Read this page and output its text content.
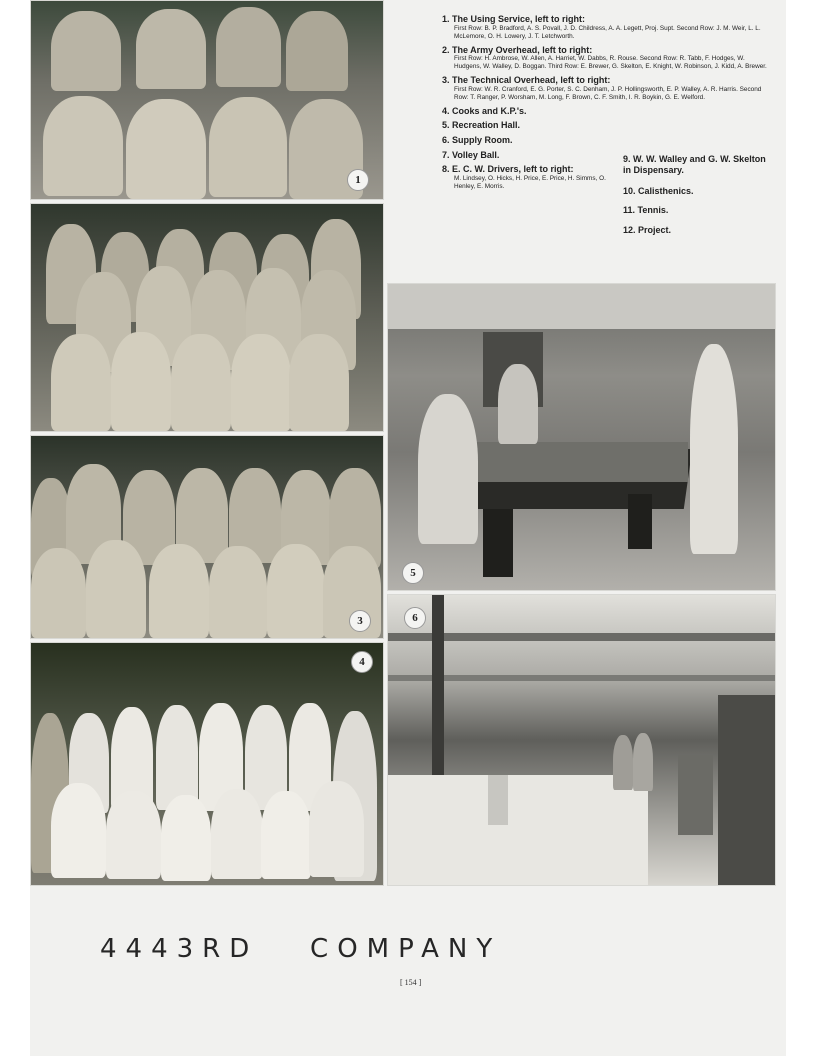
1
3
4
5
6
1. The Using Service, left to right:
First Row: B. P. Bradford, A. S. Povall, J. D. Childress, A. A. Legett, Proj. Supt. Second Row: J. M. Weir, L. L. McLemore, O. H. Lowery, J. T. Letchworth.
2. The Army Overhead, left to right:
First Row: H. Ambrose, W. Allen, A. Harriet, W. Dabbs, R. Rouse. Second Row: R. Tabb, F. Hodges, W. Hudgens, W. Walley, D. Boggan. Third Row: E. Brewer, G. Skelton, E. Knight, W. Robinson, J. Kidd, A. Brewer.
3. The Technical Overhead, left to right:
First Row: W. R. Cranford, E. G. Porter, S. C. Denham, J. P. Hollingsworth, E. P. Walley, A. R. Harris. Second Row: T. Ranger, P. Worsham, M. Long, F. Brown, C. F. Smith, I. R. Boykin, G. E. Welford.
4. Cooks and K.P.'s.
5. Recreation Hall.
6. Supply Room.
7. Volley Ball.
8. E. C. W. Drivers, left to right:
M. Lindsey, O. Hicks, H. Price, E. Price, H. Simms, O. Henley, E. Morris.
9. W. W. Walley and G. W. Skelton in Dispensary.
10. Calisthenics.
11. Tennis.
12. Project.
4443RD   COMPANY
[ 154 ]
